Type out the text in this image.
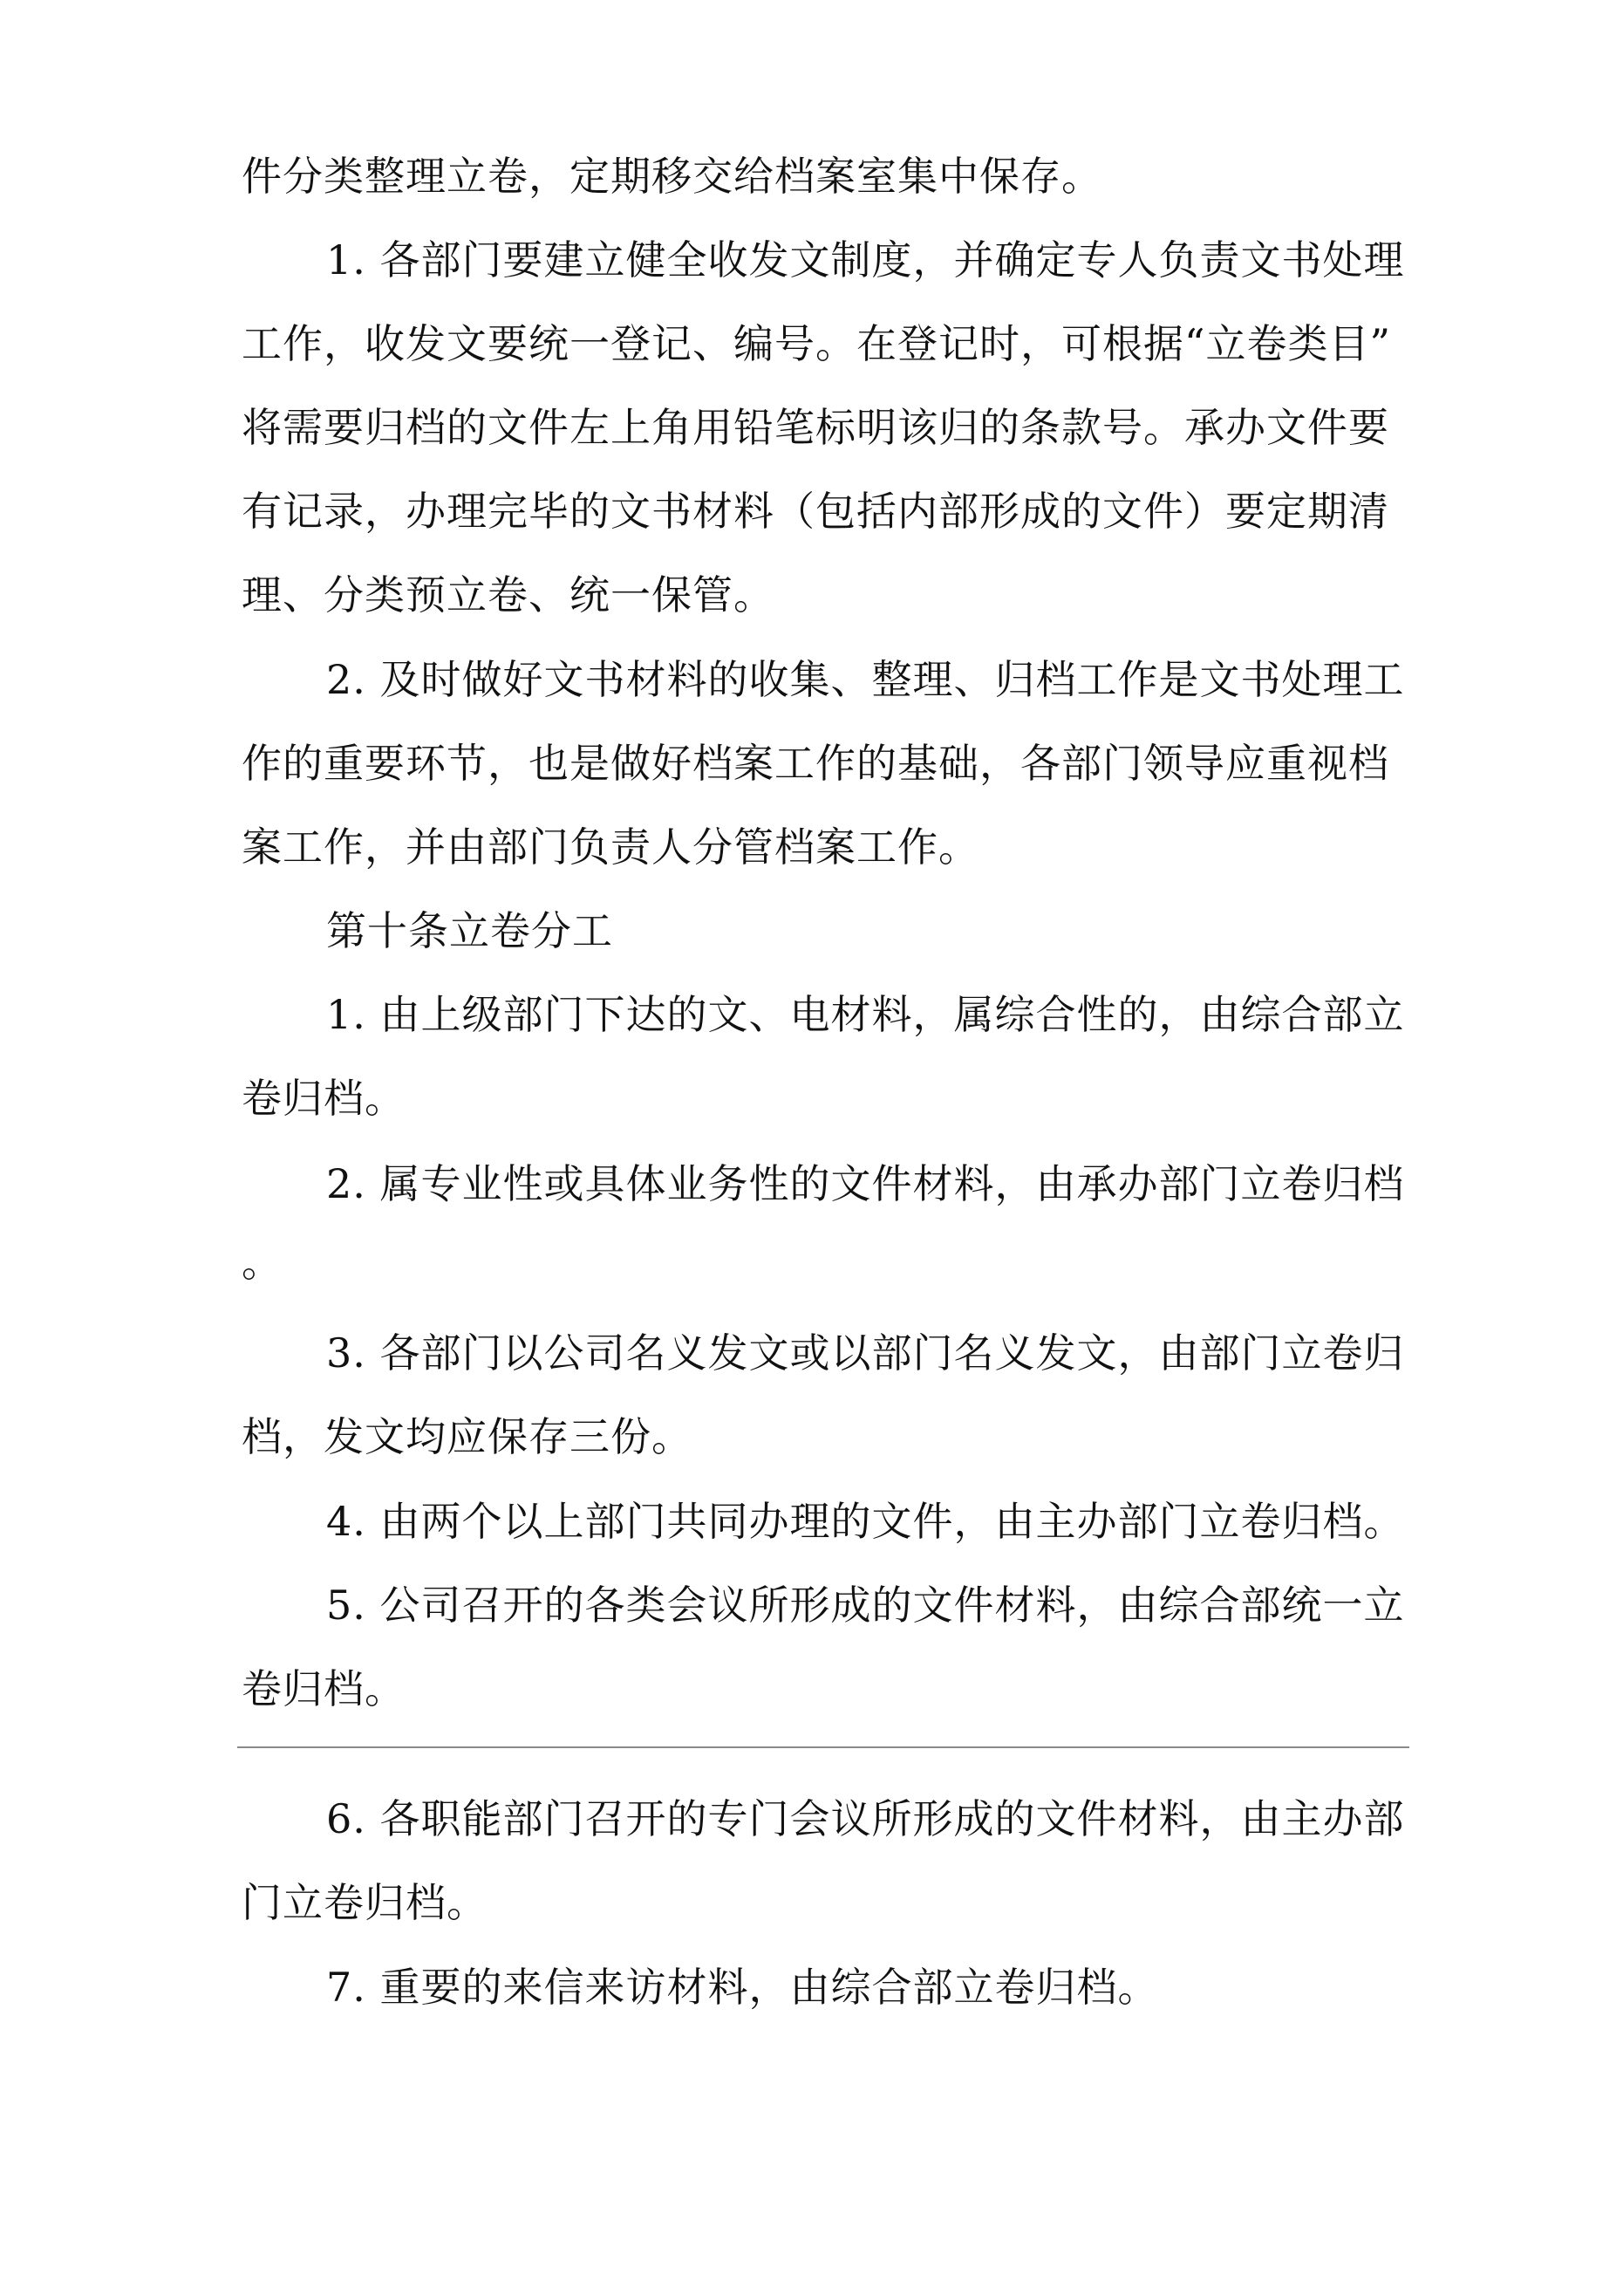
件分类整理立卷，定期移交给档案室集中保存。
1. 各部门要建立健全收发文制度，并确定专人负责文书处理
工作，收发文要统一登记、编号。在登记时，可根据“立卷类目”
将需要归档的文件左上角用铅笔标明该归的条款号。承办文件要
有记录，办理完毕的文书材料（包括内部形成的文件）要定期清
理、分类预立卷、统一保管。
2. 及时做好文书材料的收集、整理、归档工作是文书处理工
作的重要环节，也是做好档案工作的基础，各部门领导应重视档
案工作，并由部门负责人分管档案工作。
第十条立卷分工
1. 由上级部门下达的文、电材料，属综合性的，由综合部立
卷归档。
2. 属专业性或具体业务性的文件材料，由承办部门立卷归档
。
3. 各部门以公司名义发文或以部门名义发文，由部门立卷归
档，发文均应保存三份。
4. 由两个以上部门共同办理的文件，由主办部门立卷归档。
5. 公司召开的各类会议所形成的文件材料，由综合部统一立
卷归档。
6. 各职能部门召开的专门会议所形成的文件材料，由主办部
门立卷归档。
7. 重要的来信来访材料，由综合部立卷归档。
